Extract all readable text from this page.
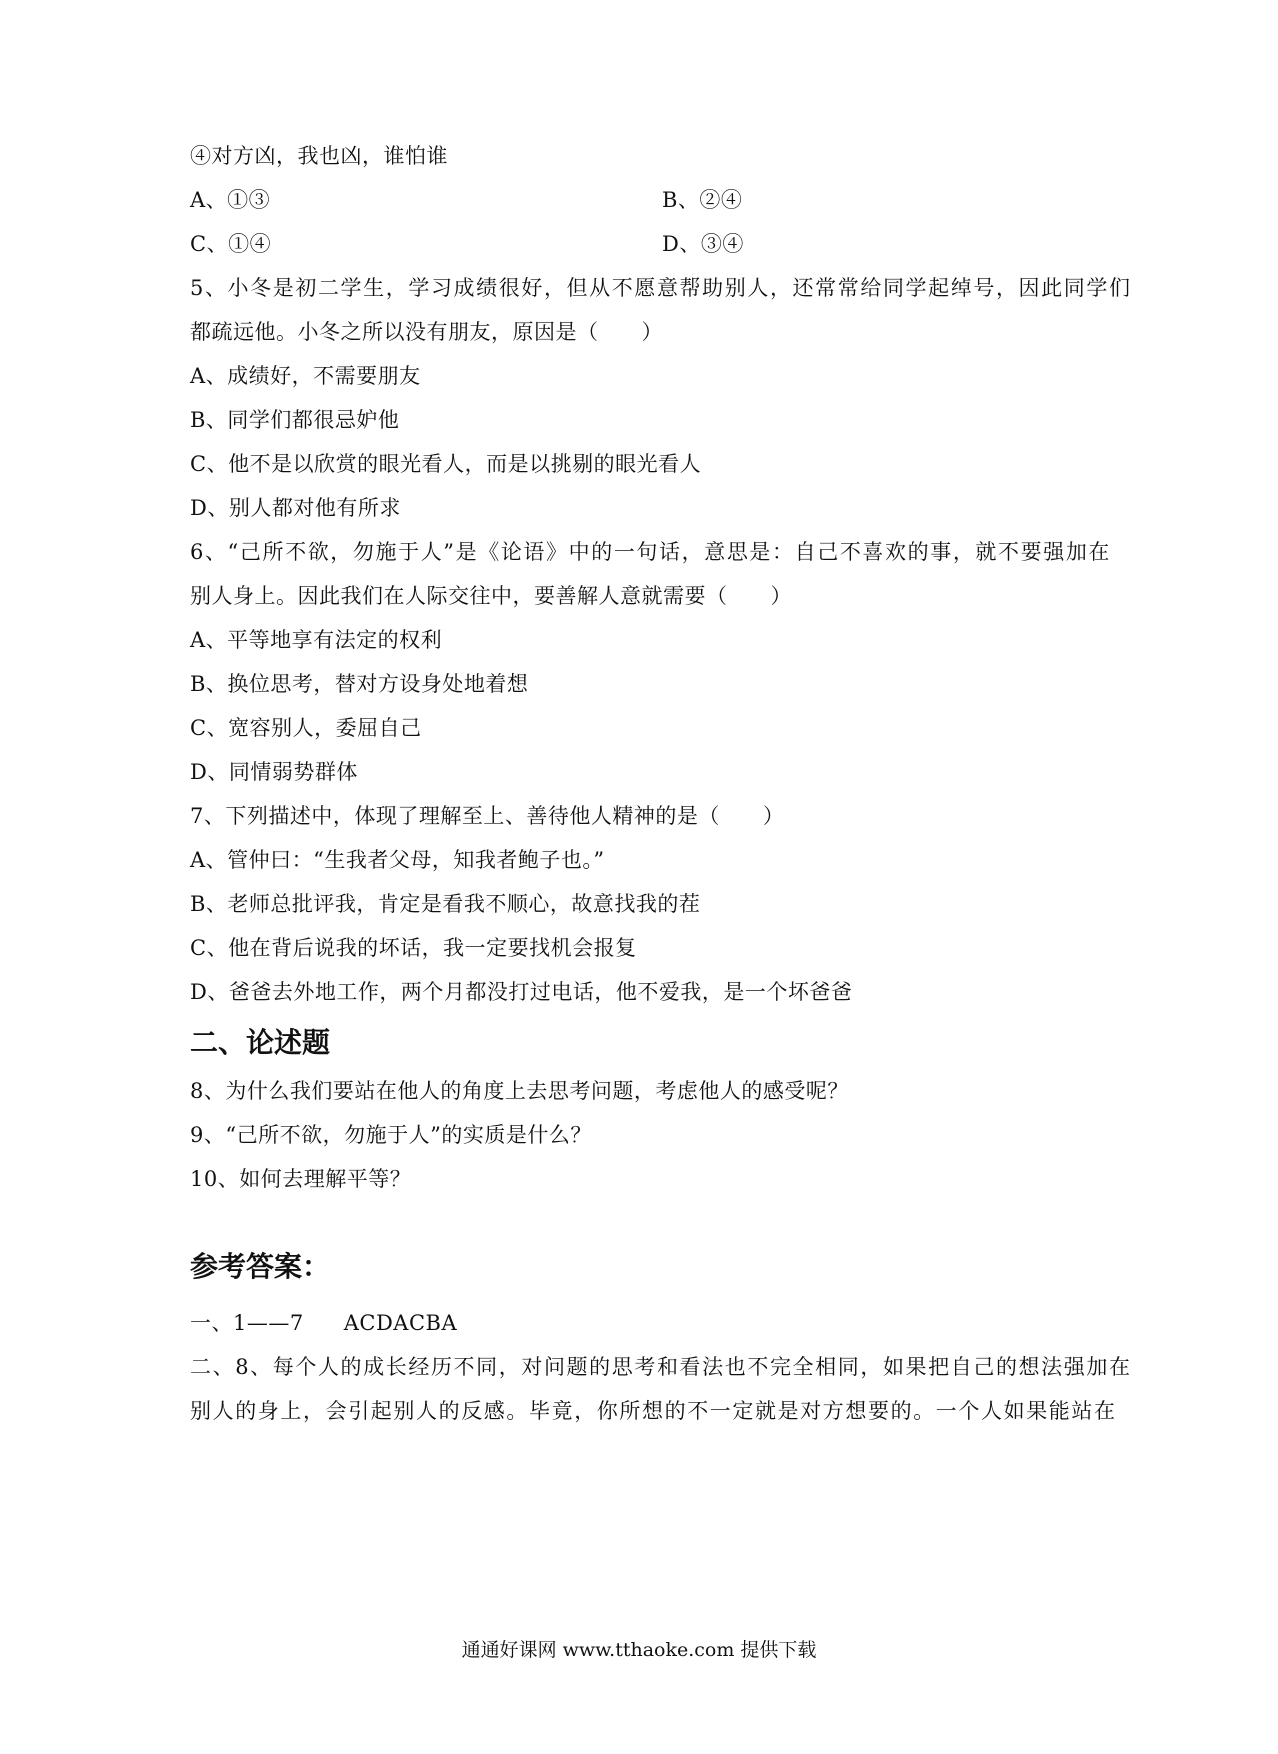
④对方凶，我也凶，谁怕谁
A、①③	B、②④
C、①④	D、③④
5、小冬是初二学生，学习成绩很好，但从不愿意帮助别人，还常常给同学起绰号，因此同学们
都疏远他。小冬之所以没有朋友，原因是（　　）
A、成绩好，不需要朋友
B、同学们都很忌妒他
C、他不是以欣赏的眼光看人，而是以挑剔的眼光看人
D、别人都对他有所求
6、“己所不欲，勿施于人”是《论语》中的一句话，意思是：自己不喜欢的事，就不要强加在
别人身上。因此我们在人际交往中，要善解人意就需要（　　）
A、平等地享有法定的权利
B、换位思考，替对方设身处地着想
C、宽容别人，委屈自己
D、同情弱势群体
7、下列描述中，体现了理解至上、善待他人精神的是（　　）
A、管仲曰：“生我者父母，知我者鲍子也。”
B、老师总批评我，肯定是看我不顺心，故意找我的茬
C、他在背后说我的坏话，我一定要找机会报复
D、爸爸去外地工作，两个月都没打过电话，他不爱我，是一个坏爸爸
二、论述题
8、为什么我们要站在他人的角度上去思考问题，考虑他人的感受呢？
9、“己所不欲，勿施于人”的实质是什么？
10、如何去理解平等？
参考答案：
一、1——7 ACDACBA
二、8、每个人的成长经历不同，对问题的思考和看法也不完全相同，如果把自己的想法强加在
别人的身上，会引起别人的反感。毕竟，你所想的不一定就是对方想要的。一个人如果能站在
通通好课网 www.tthaoke.com 提供下载
